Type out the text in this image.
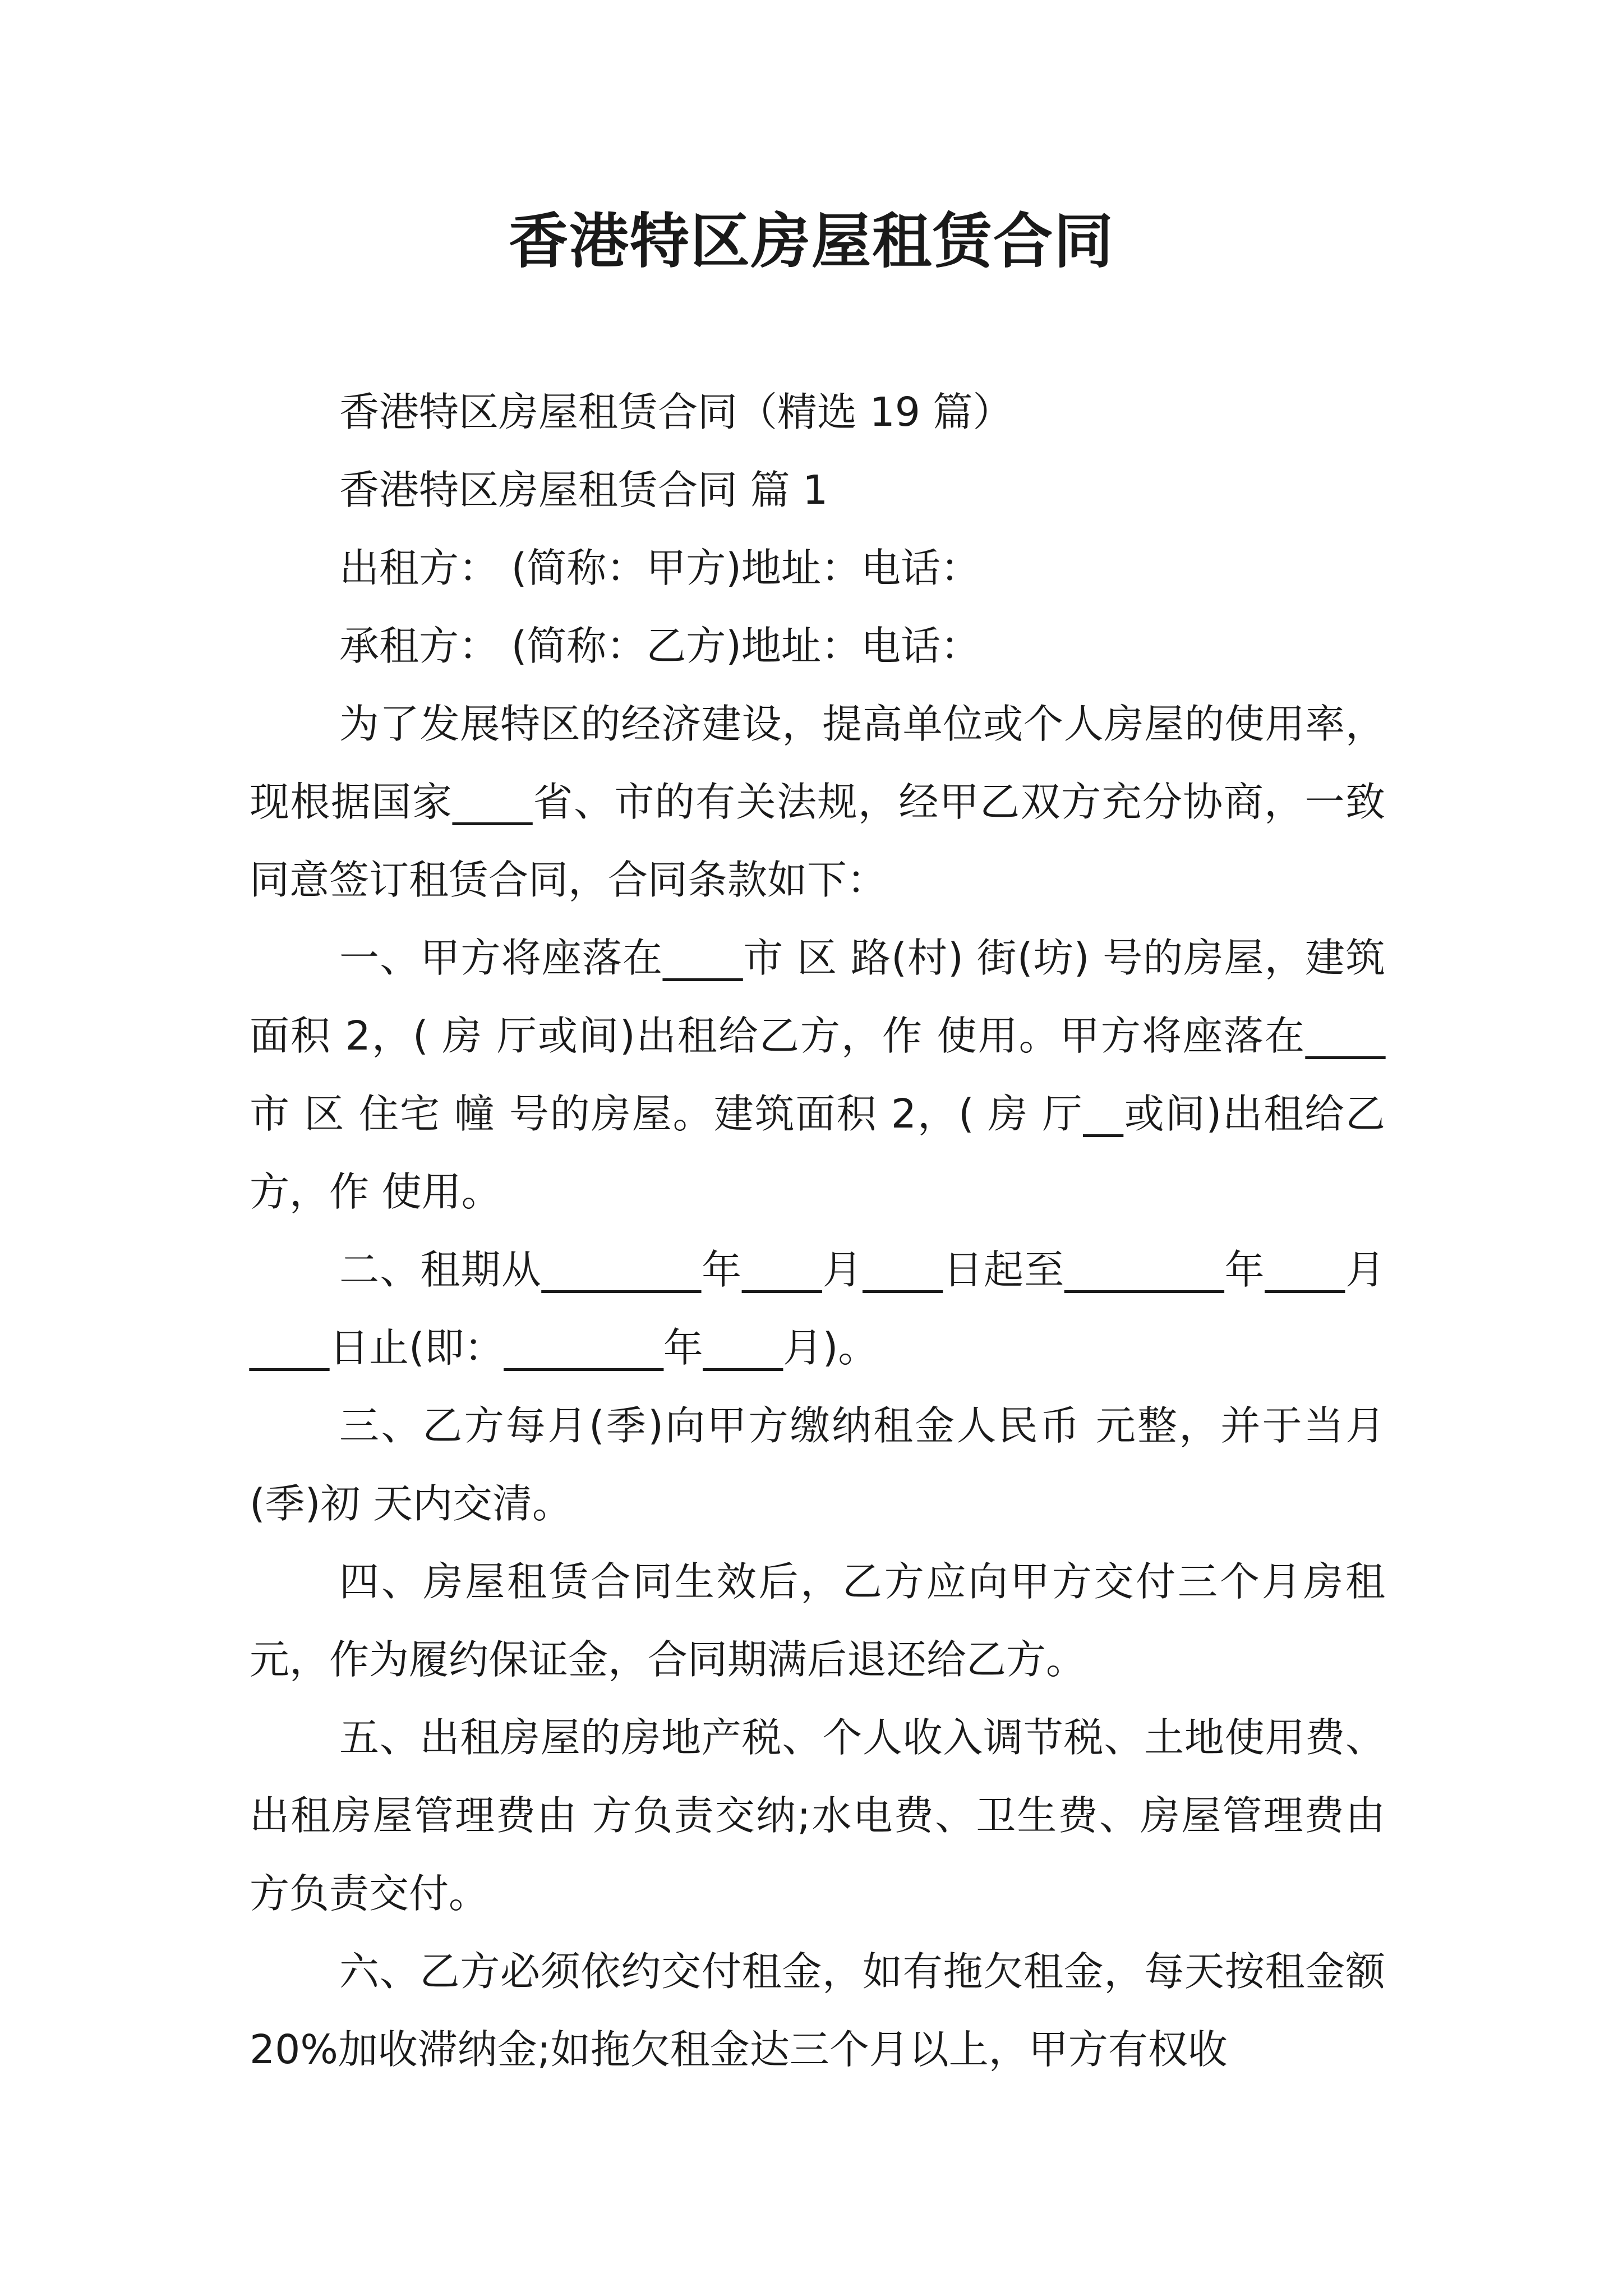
香港特区房屋租赁合同

香港特区房屋租赁合同（精选 19 篇）

香港特区房屋租赁合同 篇 1

出租方： (简称：甲方)地址：电话：

承租方： (简称：乙方)地址：电话：

为了发展特区的经济建设，提高单位或个人房屋的使用率，现根据国家____省、市的有关法规，经甲乙双方充分协商，一致同意签订租赁合同，合同条款如下：

一、甲方将座落在____市 区 路(村) 街(坊) 号的房屋，建筑面积 2，( 房 厅或间)出租给乙方，作 使用。甲方将座落在____市 区 住宅 幢 号的房屋。建筑面积 2，( 房 厅__或间)出租给乙方，作 使用。

二、租期从________年____月____日起至________年____月____日止(即：________年____月)。

三、乙方每月(季)向甲方缴纳租金人民币 元整，并于当月(季)初 天内交清。

四、房屋租赁合同生效后，乙方应向甲方交付三个月房租 元，作为履约保证金，合同期满后退还给乙方。

五、出租房屋的房地产税、个人收入调节税、土地使用费、出租房屋管理费由 方负责交纳;水电费、卫生费、房屋管理费由 方负责交付。

六、乙方必须依约交付租金，如有拖欠租金，每天按租金额 20%加收滞纳金;如拖欠租金达三个月以上，甲方有权收
